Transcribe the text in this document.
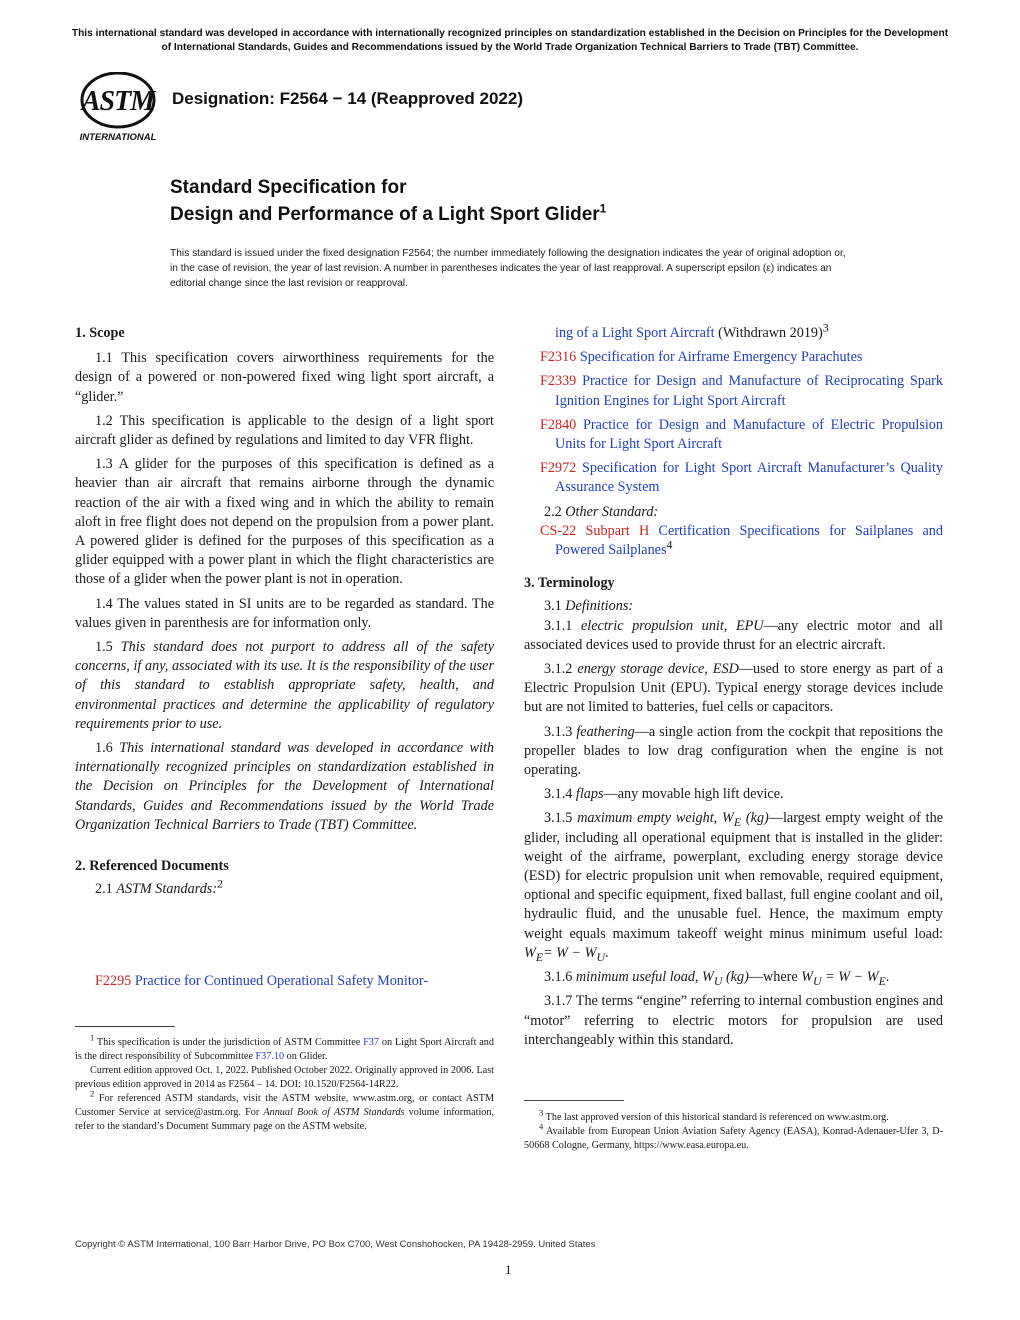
This international standard was developed in accordance with internationally recognized principles on standardization established in the Decision on Principles for the Development of International Standards, Guides and Recommendations issued by the World Trade Organization Technical Barriers to Trade (TBT) Committee.
ASTM
INTERNATIONAL
Designation: F2564 − 14 (Reapproved 2022)
Standard Specification for
Design and Performance of a Light Sport Glider$^1$
This standard is issued under the fixed designation F2564; the number immediately following the designation indicates the year of original adoption or, in the case of revision, the year of last revision. A number in parentheses indicates the year of last reapproval. A superscript epsilon (ε) indicates an editorial change since the last revision or reapproval.
1. Scope

1.1 This specification covers airworthiness requirements for the design of a powered or non-powered fixed wing light sport aircraft, a “glider.”

1.2 This specification is applicable to the design of a light sport aircraft glider as defined by regulations and limited to day VFR flight.

1.3 A glider for the purposes of this specification is defined as a heavier than air aircraft that remains airborne through the dynamic reaction of the air with a fixed wing and in which the ability to remain aloft in free flight does not depend on the propulsion from a power plant. A powered glider is defined for the purposes of this specification as a glider equipped with a power plant in which the flight characteristics are those of a glider when the power plant is not in operation.

1.4 The values stated in SI units are to be regarded as standard. The values given in parenthesis are for information only.

1.5 This standard does not purport to address all of the safety concerns, if any, associated with its use. It is the responsibility of the user of this standard to establish appropriate safety, health, and environmental practices and determine the applicability of regulatory requirements prior to use.

1.6 This international standard was developed in accordance with internationally recognized principles on standardization established in the Decision on Principles for the Development of International Standards, Guides and Recommendations issued by the World Trade Organization Technical Barriers to Trade (TBT) Committee.

2. Referenced Documents

2.1 ASTM Standards:$^2$

F2295 Practice for Continued Operational Safety Monitor-

ing of a Light Sport Aircraft (Withdrawn 2019)$^3$

F2316 Specification for Airframe Emergency Parachutes

F2339 Practice for Design and Manufacture of Reciprocating Spark Ignition Engines for Light Sport Aircraft

F2840 Practice for Design and Manufacture of Electric Propulsion Units for Light Sport Aircraft

F2972 Specification for Light Sport Aircraft Manufacturer’s Quality Assurance System

2.2 Other Standard:

CS-22 Subpart H Certification Specifications for Sailplanes and Powered Sailplanes$^4$

3. Terminology

3.1 Definitions:

3.1.1 electric propulsion unit, EPU—any electric motor and all associated devices used to provide thrust for an electric aircraft.

3.1.2 energy storage device, ESD—used to store energy as part of a Electric Propulsion Unit (EPU). Typical energy storage devices include but are not limited to batteries, fuel cells or capacitors.

3.1.3 feathering—a single action from the cockpit that repositions the propeller blades to low drag configuration when the engine is not operating.

3.1.4 flaps—any movable high lift device.

3.1.5 maximum empty weight, $W_E$ (kg)—largest empty weight of the glider, including all operational equipment that is installed in the glider: weight of the airframe, powerplant, excluding energy storage device (ESD) for electric propulsion unit when removable, required equipment, optional and specific equipment, fixed ballast, full engine coolant and oil, hydraulic fluid, and the unusable fuel. Hence, the maximum empty weight equals maximum takeoff weight minus minimum useful load: $W_E= W - W_U$.

3.1.6 minimum useful load, $W_U$ (kg)—where $W_U = W - W_E$.

3.1.7 The terms “engine” referring to internal combustion engines and “motor” referring to electric motors for propulsion are used interchangeably within this standard.

$^1$ This specification is under the jurisdiction of ASTM Committee F37 on Light Sport Aircraft and is the direct responsibility of Subcommittee F37.10 on Glider.

Current edition approved Oct. 1, 2022. Published October 2022. Originally approved in 2006. Last previous edition approved in 2014 as F2564 – 14. DOI: 10.1520/F2564-14R22.

$^2$ For referenced ASTM standards, visit the ASTM website, www.astm.org, or contact ASTM Customer Service at service@astm.org. For Annual Book of ASTM Standards volume information, refer to the standard’s Document Summary page on the ASTM website.

$^3$ The last approved version of this historical standard is referenced on www.astm.org.

$^4$ Available from European Union Aviation Safety Agency (EASA), Konrad-Adenauer-Ufer 3, D-50668 Cologne, Germany, https://www.easa.europa.eu.

Copyright © ASTM International, 100 Barr Harbor Drive, PO Box C700, West Conshohocken, PA 19428-2959. United States
1
